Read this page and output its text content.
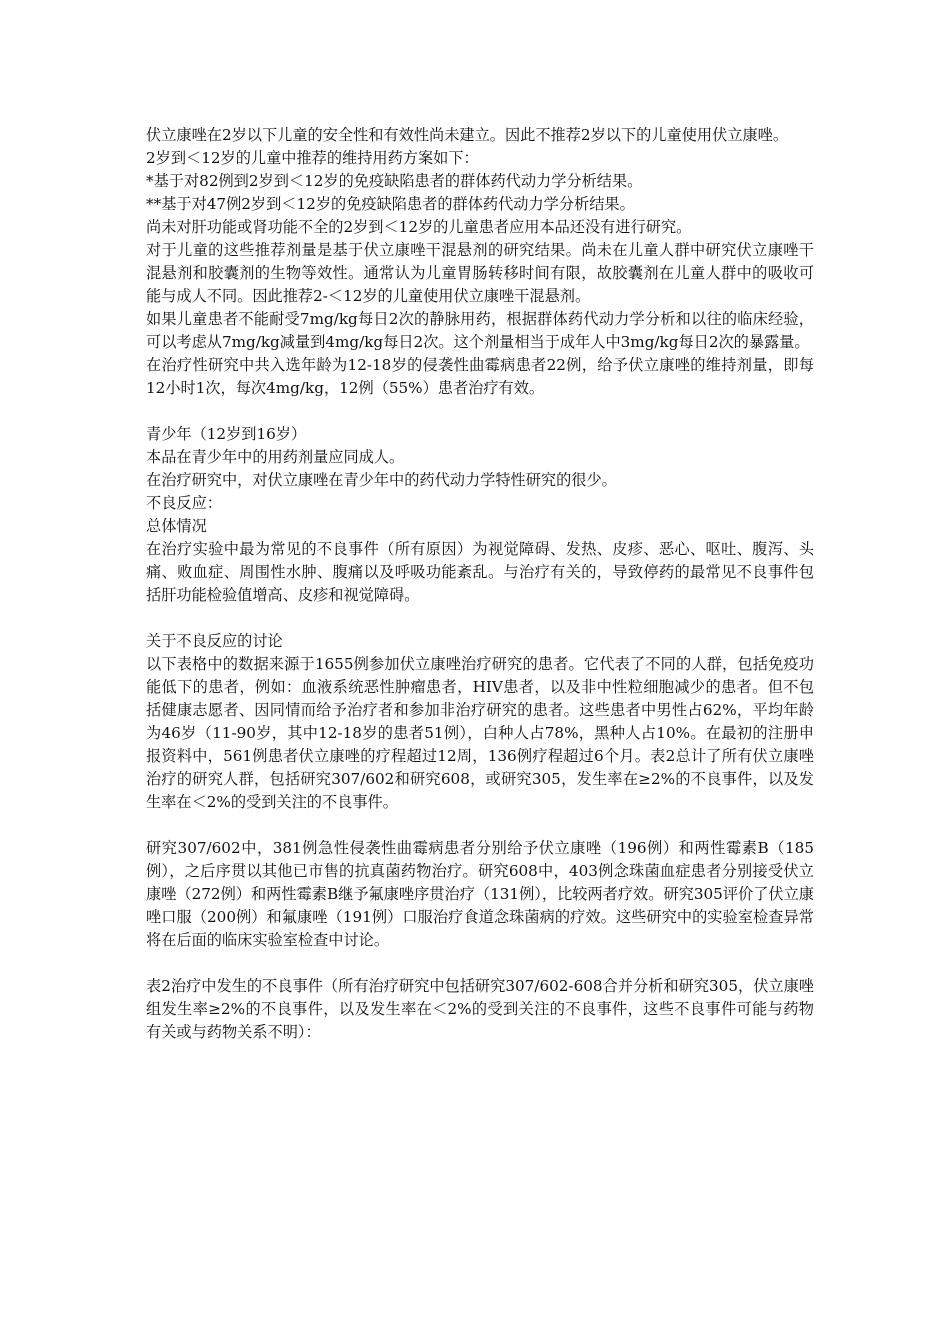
伏立康唑在2岁以下儿童的安全性和有效性尚未建立。因此不推荐2岁以下的儿童使用伏立康唑。

2岁到＜12岁的儿童中推荐的维持用药方案如下：

*基于对82例到2岁到＜12岁的免疫缺陷患者的群体药代动力学分析结果。

**基于对47例2岁到＜12岁的免疫缺陷患者的群体药代动力学分析结果。

尚未对肝功能或肾功能不全的2岁到＜12岁的儿童患者应用本品还没有进行研究。

对于儿童的这些推荐剂量是基于伏立康唑干混悬剂的研究结果。尚未在儿童人群中研究伏立康唑干混悬剂和胶囊剂的生物等效性。通常认为儿童胃肠转移时间有限，故胶囊剂在儿童人群中的吸收可能与成人不同。因此推荐2-＜12岁的儿童使用伏立康唑干混悬剂。

如果儿童患者不能耐受7mg/kg每日2次的静脉用药，根据群体药代动力学分析和以往的临床经验，可以考虑从7mg/kg减量到4mg/kg每日2次。这个剂量相当于成年人中3mg/kg每日2次的暴露量。

在治疗性研究中共入选年龄为12-18岁的侵袭性曲霉病患者22例，给予伏立康唑的维持剂量，即每12小时1次，每次4mg/kg，12例（55%）患者治疗有效。

青少年（12岁到16岁）

本品在青少年中的用药剂量应同成人。

在治疗研究中，对伏立康唑在青少年中的药代动力学特性研究的很少。

不良反应：

总体情况

在治疗实验中最为常见的不良事件（所有原因）为视觉障碍、发热、皮疹、恶心、呕吐、腹泻、头痛、败血症、周围性水肿、腹痛以及呼吸功能紊乱。与治疗有关的，导致停药的最常见不良事件包括肝功能检验值增高、皮疹和视觉障碍。

关于不良反应的讨论

以下表格中的数据来源于1655例参加伏立康唑治疗研究的患者。它代表了不同的人群，包括免疫功能低下的患者，例如：血液系统恶性肿瘤患者，HIV患者，以及非中性粒细胞减少的患者。但不包括健康志愿者、因同情而给予治疗者和参加非治疗研究的患者。这些患者中男性占62%，平均年龄为46岁（11-90岁，其中12-18岁的患者51例），白种人占78%，黑种人占10%。在最初的注册申报资料中，561例患者伏立康唑的疗程超过12周，136例疗程超过6个月。表2总计了所有伏立康唑治疗的研究人群，包括研究307/602和研究608，或研究305，发生率在≥2%的不良事件，以及发生率在＜2%的受到关注的不良事件。

研究307/602中，381例急性侵袭性曲霉病患者分别给予伏立康唑（196例）和两性霉素B（185例），之后序贯以其他已市售的抗真菌药物治疗。研究608中，403例念珠菌血症患者分别接受伏立康唑（272例）和两性霉素B继予氟康唑序贯治疗（131例），比较两者疗效。研究305评价了伏立康唑口服（200例）和氟康唑（191例）口服治疗食道念珠菌病的疗效。这些研究中的实验室检查异常将在后面的临床实验室检查中讨论。

表2治疗中发生的不良事件（所有治疗研究中包括研究307/602-608合并分析和研究305，伏立康唑组发生率≥2%的不良事件，以及发生率在＜2%的受到关注的不良事件，这些不良事件可能与药物有关或与药物关系不明）：
